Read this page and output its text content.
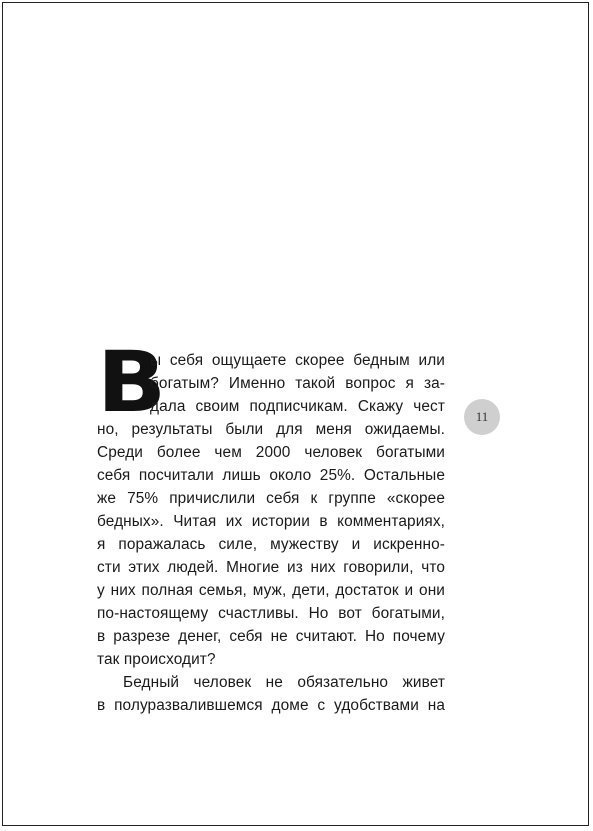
В
ы себя ощущаете скорее бедным или
богатым? Именно такой вопрос я за-
дала своим подписчикам. Скажу чест
но, результаты были для меня ожидаемы.
Среди более чем 2000 человек богатыми
себя посчитали лишь около 25%. Остальные
же 75% причислили себя к группе «скорее
бедных». Читая их истории в комментариях,
я поражалась силе, мужеству и искренно-
сти этих людей. Многие из них говорили, что
у них полная семья, муж, дети, достаток и они
по-настоящему счастливы. Но вот богатыми,
в разрезе денег, себя не считают. Но почему
так происходит?
Бедный человек не обязательно живет
в полуразвалившемся доме с удобствами на
11
